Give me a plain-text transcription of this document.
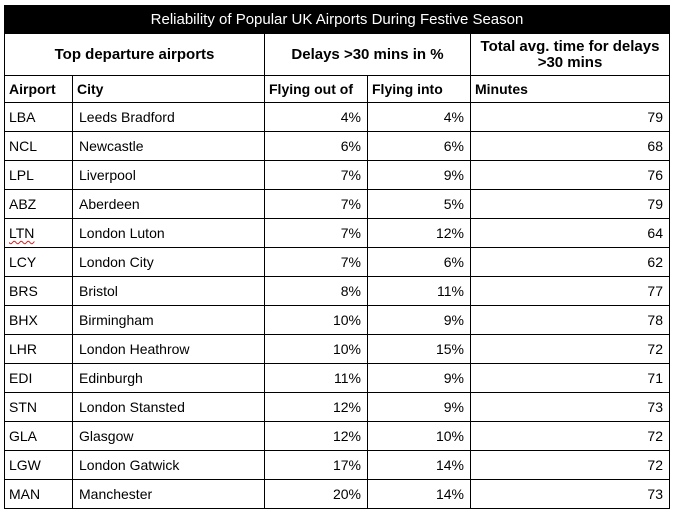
Reliability of Popular UK Airports During Festive Season				
Top departure airports		Delays >30 mins in %		Total avg. time for delays >30 mins
Airport	City	Flying out of	Flying into	Minutes
LBA	Leeds Bradford	4%	4%	79
NCL	Newcastle	6%	6%	68
LPL	Liverpool	7%	9%	76
ABZ	Aberdeen	7%	5%	79
LTN	London Luton	7%	12%	64
LCY	London City	7%	6%	62
BRS	Bristol	8%	11%	77
BHX	Birmingham	10%	9%	78
LHR	London Heathrow	10%	15%	72
EDI	Edinburgh	11%	9%	71
STN	London Stansted	12%	9%	73
GLA	Glasgow	12%	10%	72
LGW	London Gatwick	17%	14%	72
MAN	Manchester	20%	14%	73
